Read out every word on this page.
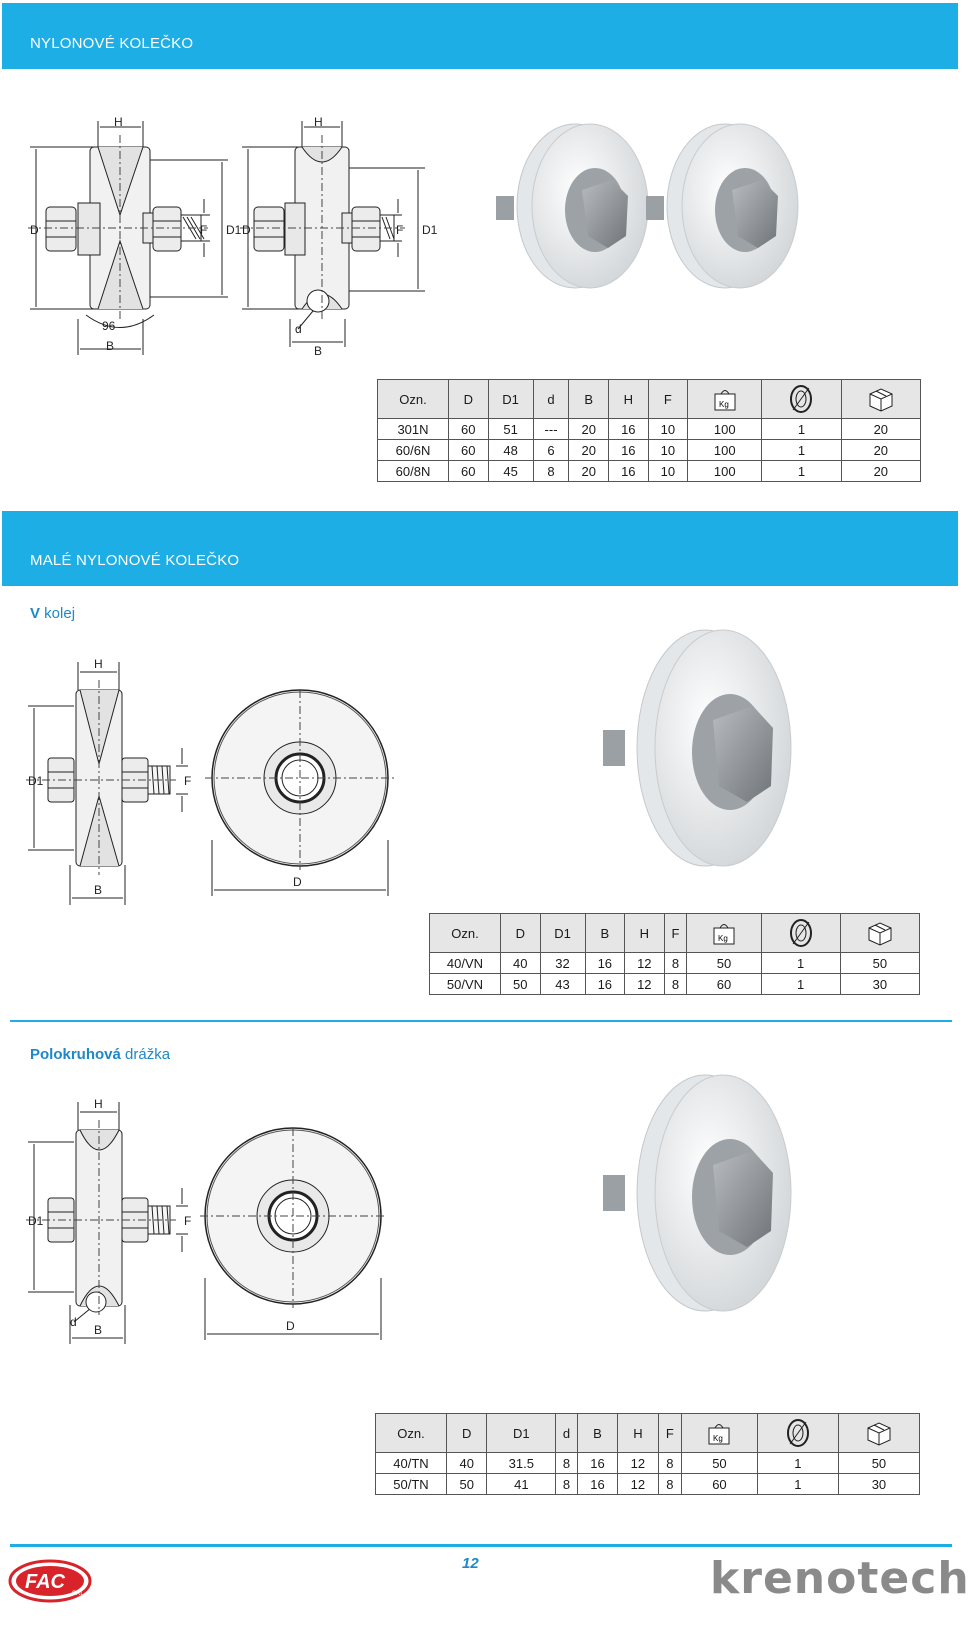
NYLONOVÉ KOLEČKO
H
D	D1
F
96
B
H
D	D1
F
d
B
Ozn.	D	D1	d	B	H	F	Kg

301N	60	51	---	20	16	10	100	1	20
60/6N	60	48	6	20	16	10	100	1	20
60/8N	60	45	8	20	16	10	100	1	20
MALÉ NYLONOVÉ KOLEČKO
V kolej
H
D1	F
B
D
Ozn.	D	D1	B	H	F	Kg

40/VN	40	32	16	12	8	50	1	50
50/VN	50	43	16	12	8	60	1	30
Polokruhová drážka
H
D1	F
d
B	D
Ozn.	D	D1	d	B	H	F	Kg

40/TN	40	31.5	8	16	12	8	50	1	50
50/TN	50	41	8	16	12	8	60	1	30
12
FAC
SRL	krenotech
